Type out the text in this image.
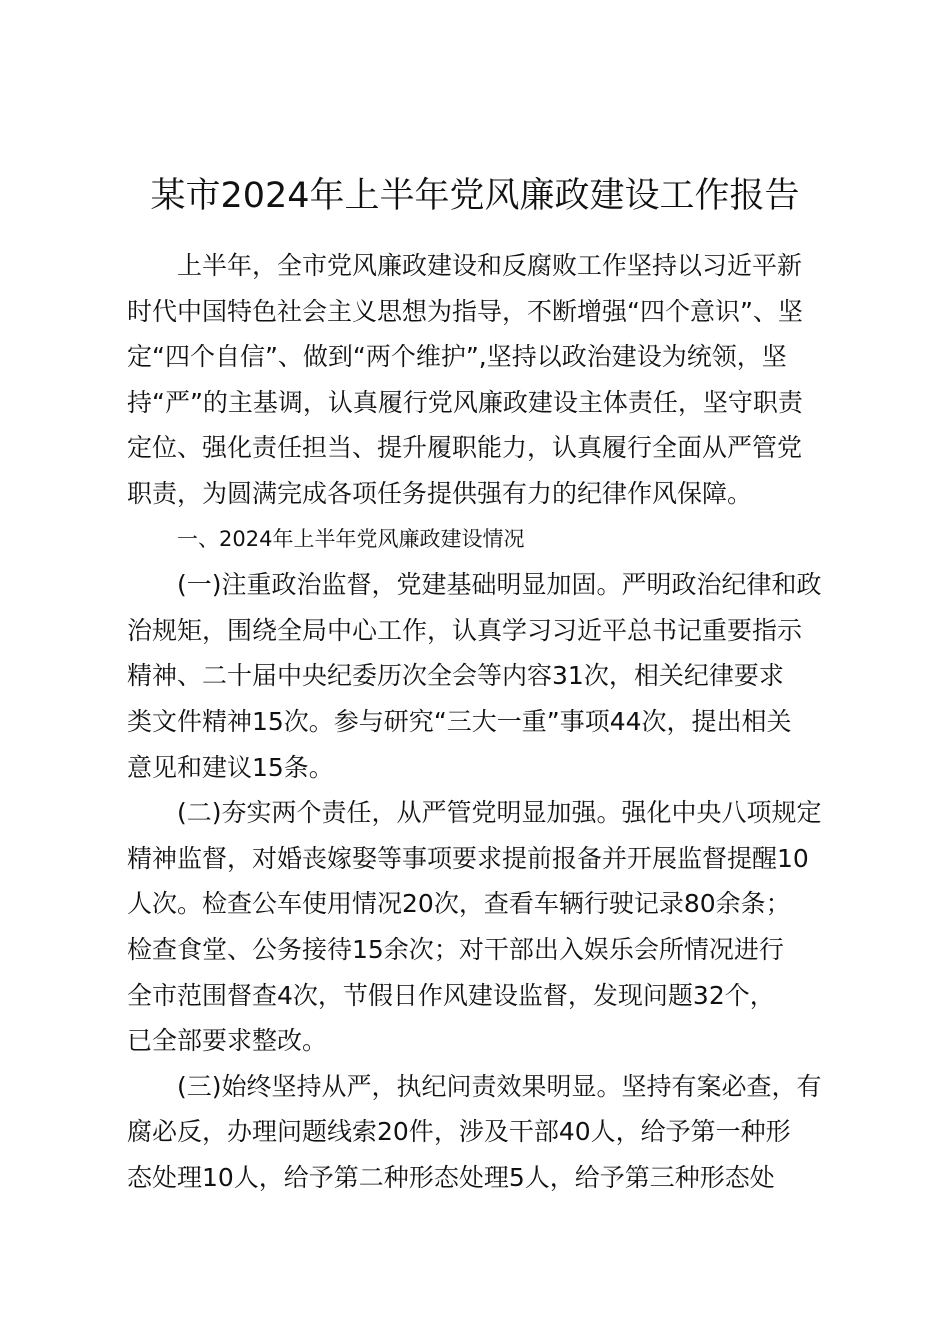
某市2024年上半年党风廉政建设工作报告
上半年，全市党风廉政建设和反腐败工作坚持以习近平新
时代中国特色社会主义思想为指导，不断增强“四个意识”、坚
定“四个自信”、做到“两个维护”,坚持以政治建设为统领，坚
持“严”的主基调，认真履行党风廉政建设主体责任，坚守职责
定位、强化责任担当、提升履职能力，认真履行全面从严管党
职责，为圆满完成各项任务提供强有力的纪律作风保障。
一、2024年上半年党风廉政建设情况
(一)注重政治监督，党建基础明显加固。严明政治纪律和政
治规矩，围绕全局中心工作，认真学习习近平总书记重要指示
精神、二十届中央纪委历次全会等内容31次，相关纪律要求
类文件精神15次。参与研究“三大一重”事项44次，提出相关
意见和建议15条。
(二)夯实两个责任，从严管党明显加强。强化中央八项规定
精神监督，对婚丧嫁娶等事项要求提前报备并开展监督提醒10
人次。检查公车使用情况20次，查看车辆行驶记录80余条；
检查食堂、公务接待15余次；对干部出入娱乐会所情况进行
全市范围督查4次，节假日作风建设监督，发现问题32个，
已全部要求整改。
(三)始终坚持从严，执纪问责效果明显。坚持有案必查，有
腐必反，办理问题线索20件，涉及干部40人，给予第一种形
态处理10人，给予第二种形态处理5人，给予第三种形态处
